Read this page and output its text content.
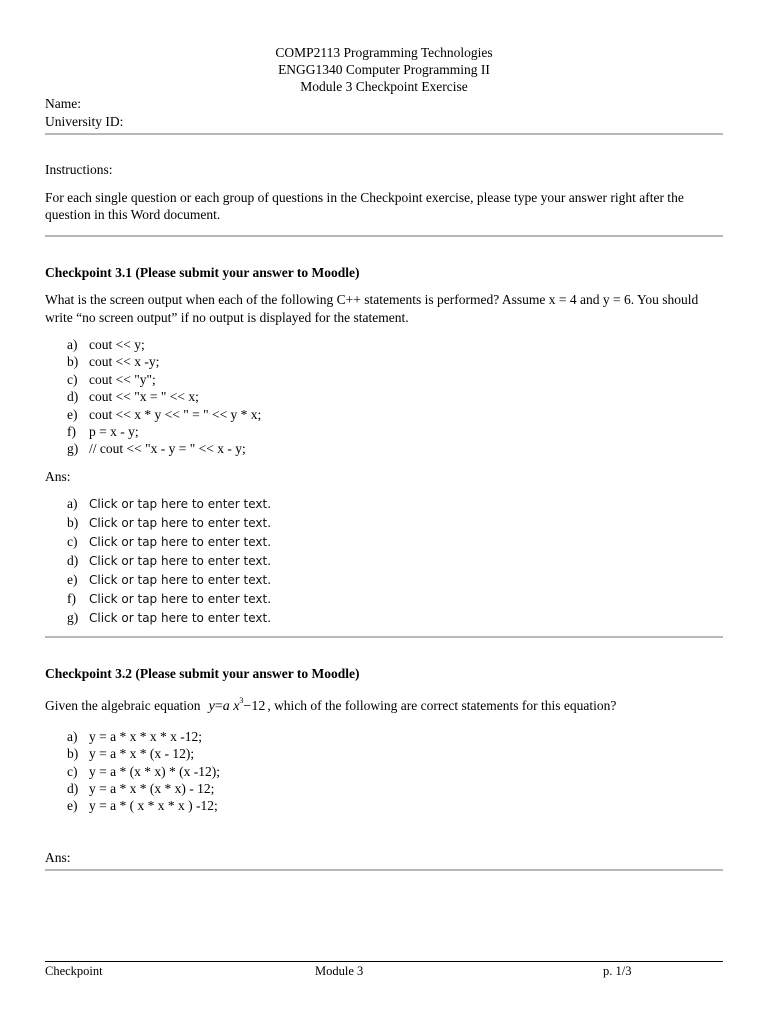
COMP2113 Programming Technologies
ENGG1340 Computer Programming II
Module 3 Checkpoint Exercise
Name:
University ID:
Instructions:
For each single question or each group of questions in the Checkpoint exercise, please type your answer right after the question in this Word document.
Checkpoint 3.1 (Please submit your answer to Moodle)
What is the screen output when each of the following C++ statements is performed? Assume x = 4 and y = 6. You should write “no screen output” if no output is displayed for the statement.
a) cout << y;
b) cout << x -y;
c) cout << "y";
d) cout << "x = " << x;
e) cout << x * y << " = " << y * x;
f) p = x - y;
g) // cout << "x - y = " << x - y;
Ans:
a) Click or tap here to enter text.
b) Click or tap here to enter text.
c) Click or tap here to enter text.
d) Click or tap here to enter text.
e) Click or tap here to enter text.
f)	Click or tap here to enter text.
g) Click or tap here to enter text.
Checkpoint 3.2 (Please submit your answer to Moodle)
Given the algebraic equation y=a $x^3-12$ , which of the following are correct statements for this equation?
a) y = a * x * x * x -12;
b) y = a * x * (x - 12);
c) y = a * (x * x) * (x -12);
d) y = a * x * (x * x) - 12;
e) y = a * ( x * x * x ) -12;
Ans:
Checkpoint	Module 3	p. 1/3
